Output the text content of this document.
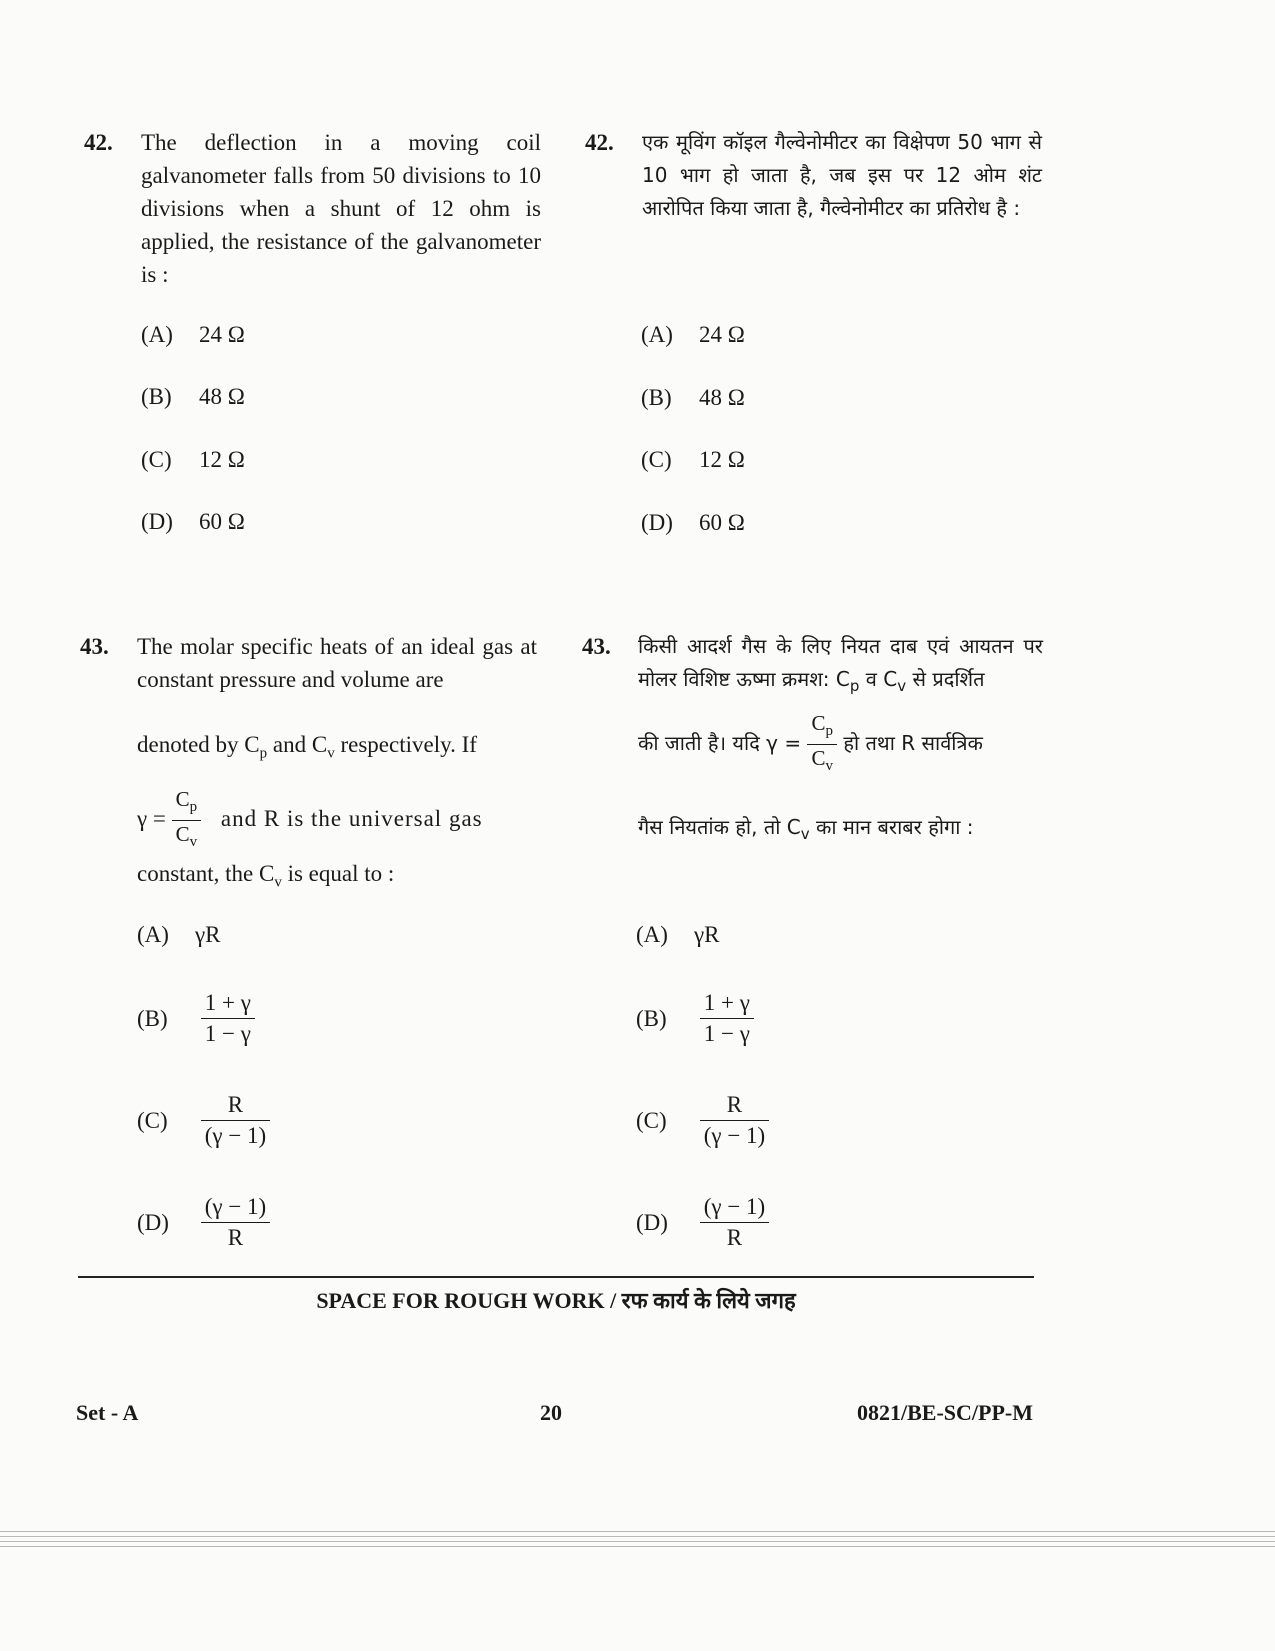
42. The deflection in a moving coil galvanometer falls from 50 divisions to 10 divisions when a shunt of 12 ohm is applied, the resistance of the galvanometer is :
(A) 24 Ω
(B) 48 Ω
(C) 12 Ω
(D) 60 Ω
42. एक मूविंग कॉइल गैल्वेनोमीटर का विक्षेपण 50 भाग से 10 भाग हो जाता है, जब इस पर 12 ओम शंट आरोपित किया जाता है, गैल्वेनोमीटर का प्रतिरोध है :
(A) 24 Ω
(B) 48 Ω
(C) 12 Ω
(D) 60 Ω
43. The molar specific heats of an ideal gas at constant pressure and volume are
denoted by $C_p$ and $C_v$ respectively. If
$\gamma = \frac{C_p}{C_v}$ and R is the universal gas
constant, the $C_v$ is equal to :
(A) γR
$(B) \frac{1 + \gamma}{1 - \gamma}$
$(C) \frac{R}{(\gamma - 1)}$
$(D) \frac{(\gamma - 1)}{R}$
43. किसी आदर्श गैस के लिए नियत दाब एवं आयतन पर मोलर विशिष्ट ऊष्मा क्रमश: $C_p$ व $C_v$ से प्रदर्शित
की जाती है। यदि $\gamma = \frac{C_p}{C_v}$ हो तथा R सार्वत्रिक
गैस नियतांक हो, तो $C_v$ का मान बराबर होगा :
(A) γR
$(B) \frac{1 + \gamma}{1 - \gamma}$
$(C) \frac{R}{(\gamma - 1)}$
$(D) \frac{(\gamma - 1)}{R}$
SPACE FOR ROUGH WORK / रफ कार्य के लिये जगह
Set - A	20	0821/BE-SC/PP-M
